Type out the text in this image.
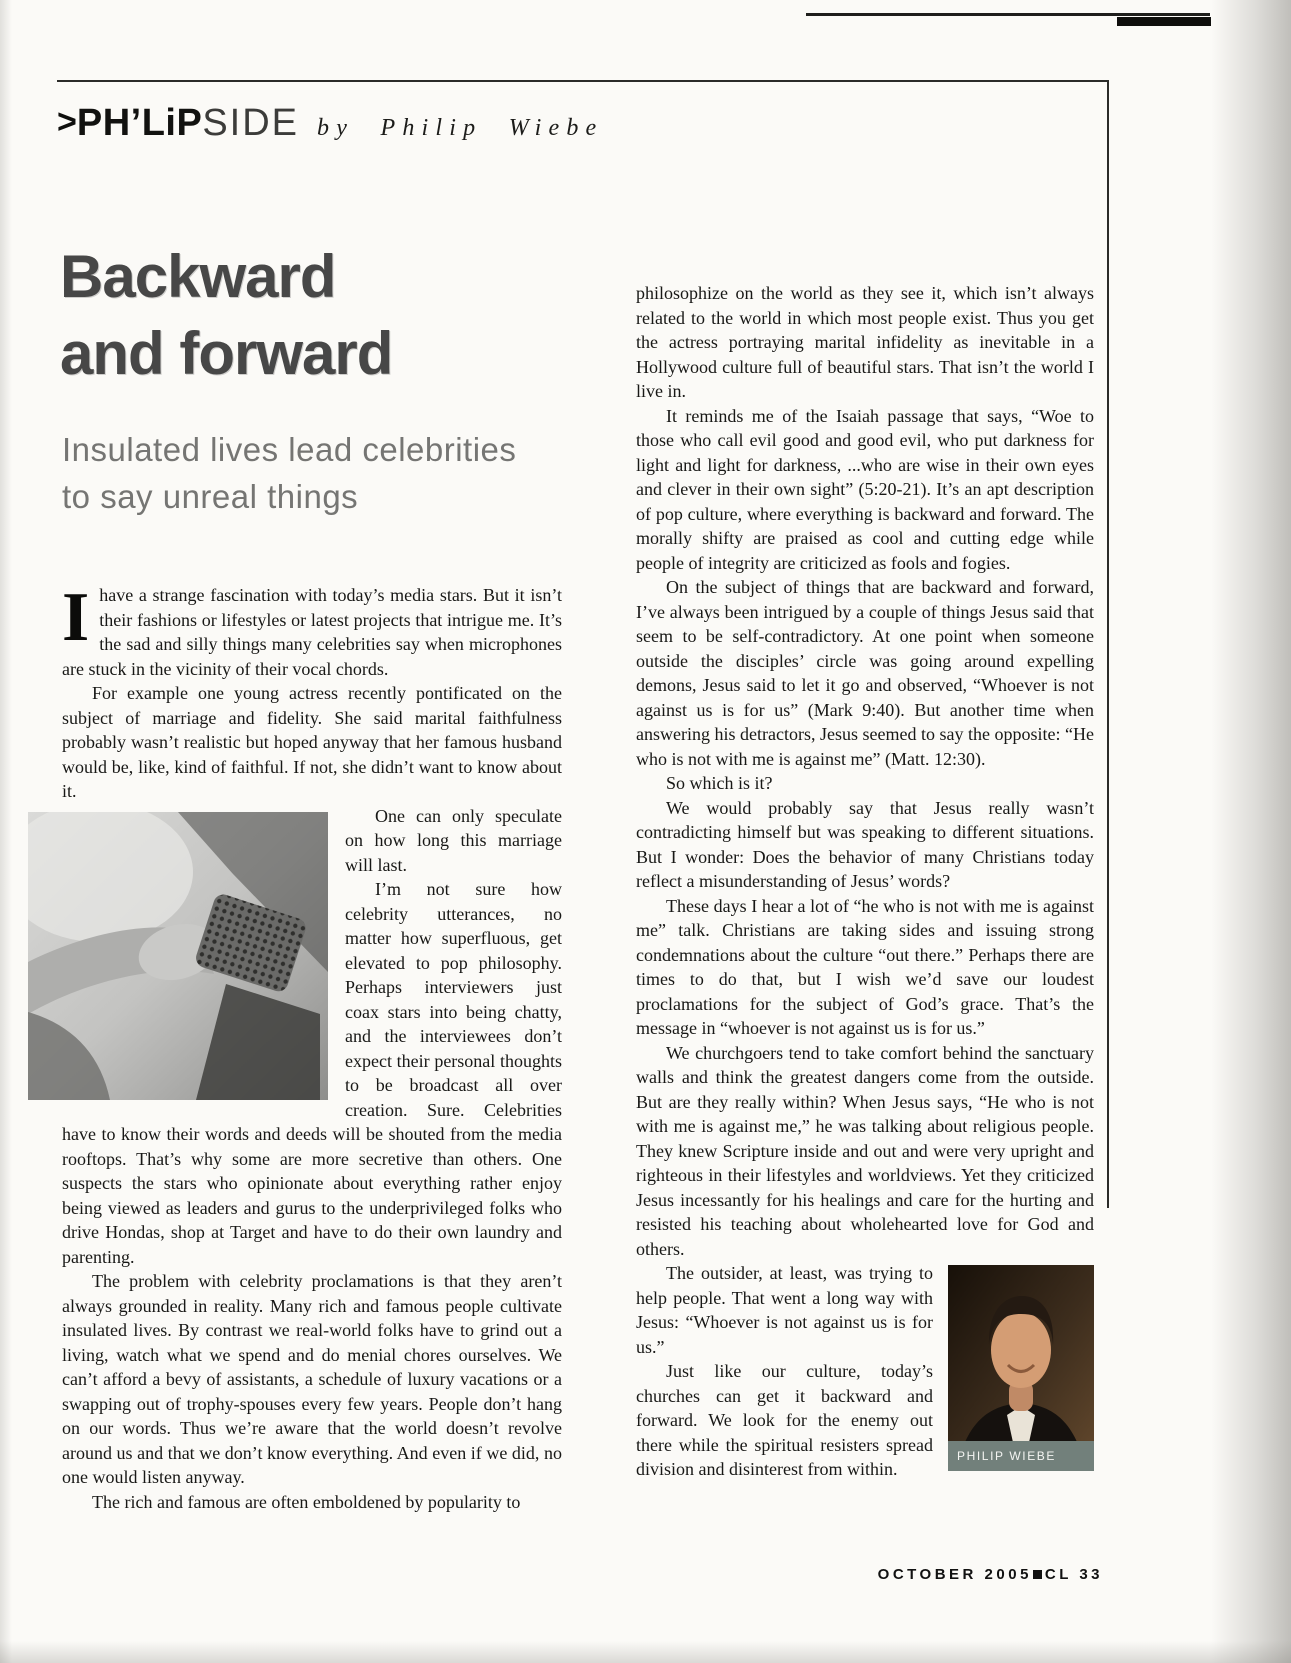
>PH’LiPSIDE by Philip Wiebe
Backward
and forward
Insulated lives lead celebrities
to say unreal things

Ihave a strange fascination with today’s media stars. But it isn’t their fashions or lifestyles or latest projects that intrigue me. It’s the sad and silly things many celebrities say when microphones are stuck in the vicinity of their vocal chords.

For example one young actress recently pontificated on the subject of marriage and fidelity. She said marital faithfulness probably wasn’t realistic but hoped anyway that her famous husband would be, like, kind of faithful. If not, she didn’t want to know about it.

One can only speculate on how long this marriage will last.

I’m not sure how celebrity utterances, no matter how superfluous, get elevated to pop philosophy. Perhaps interviewers just coax stars into being chatty, and the interviewees don’t expect their personal thoughts to be broadcast all over creation. Sure. Celebrities have to know their words and deeds will be shouted from the media rooftops. That’s why some are more secretive than others. One suspects the stars who opinionate about everything rather enjoy being viewed as leaders and gurus to the underprivileged folks who drive Hondas, shop at Target and have to do their own laundry and parenting.

The problem with celebrity proclamations is that they aren’t always grounded in reality. Many rich and famous people cultivate insulated lives. By contrast we real-world folks have to grind out a living, watch what we spend and do menial chores ourselves. We can’t afford a bevy of assistants, a schedule of luxury vacations or a swapping out of trophy-spouses every few years. People don’t hang on our words. Thus we’re aware that the world doesn’t revolve around us and that we don’t know everything. And even if we did, no one would listen anyway.

The rich and famous are often emboldened by popularity to

philosophize on the world as they see it, which isn’t always related to the world in which most people exist. Thus you get the actress portraying marital infidelity as inevitable in a Hollywood culture full of beautiful stars. That isn’t the world I live in.

It reminds me of the Isaiah passage that says, “Woe to those who call evil good and good evil, who put darkness for light and light for darkness, ...who are wise in their own eyes and clever in their own sight” (5:20-21). It’s an apt description of pop culture, where everything is backward and forward. The morally shifty are praised as cool and cutting edge while people of integrity are criticized as fools and fogies.

On the subject of things that are backward and forward, I’ve always been intrigued by a couple of things Jesus said that seem to be self-contradictory. At one point when someone outside the disciples’ circle was going around expelling demons, Jesus said to let it go and observed, “Whoever is not against us is for us” (Mark 9:40). But another time when answering his detractors, Jesus seemed to say the opposite: “He who is not with me is against me” (Matt. 12:30).

So which is it?

We would probably say that Jesus really wasn’t contradicting himself but was speaking to different situations. But I wonder: Does the behavior of many Christians today reflect a misunderstanding of Jesus’ words?

These days I hear a lot of “he who is not with me is against me” talk. Christians are taking sides and issuing strong condemnations about the culture “out there.” Perhaps there are times to do that, but I wish we’d save our loudest proclamations for the subject of God’s grace. That’s the message in “whoever is not against us is for us.”

We churchgoers tend to take comfort behind the sanctuary walls and think the greatest dangers come from the outside. But are they really within? When Jesus says, “He who is not with me is against me,” he was talking about religious people. They knew Scripture inside and out and were very upright and righteous in their lifestyles and worldviews. Yet they criticized Jesus incessantly for his healings and care for the hurting and resisted his teaching about wholehearted love for God and others.

PHILIP WIEBE

The outsider, at least, was trying to help people. That went a long way with Jesus: “Whoever is not against us is for us.”

Just like our culture, today’s churches can get it backward and forward. We look for the enemy out there while the spiritual resisters spread division and disinterest from within.

OCTOBER 2005 CL 33
